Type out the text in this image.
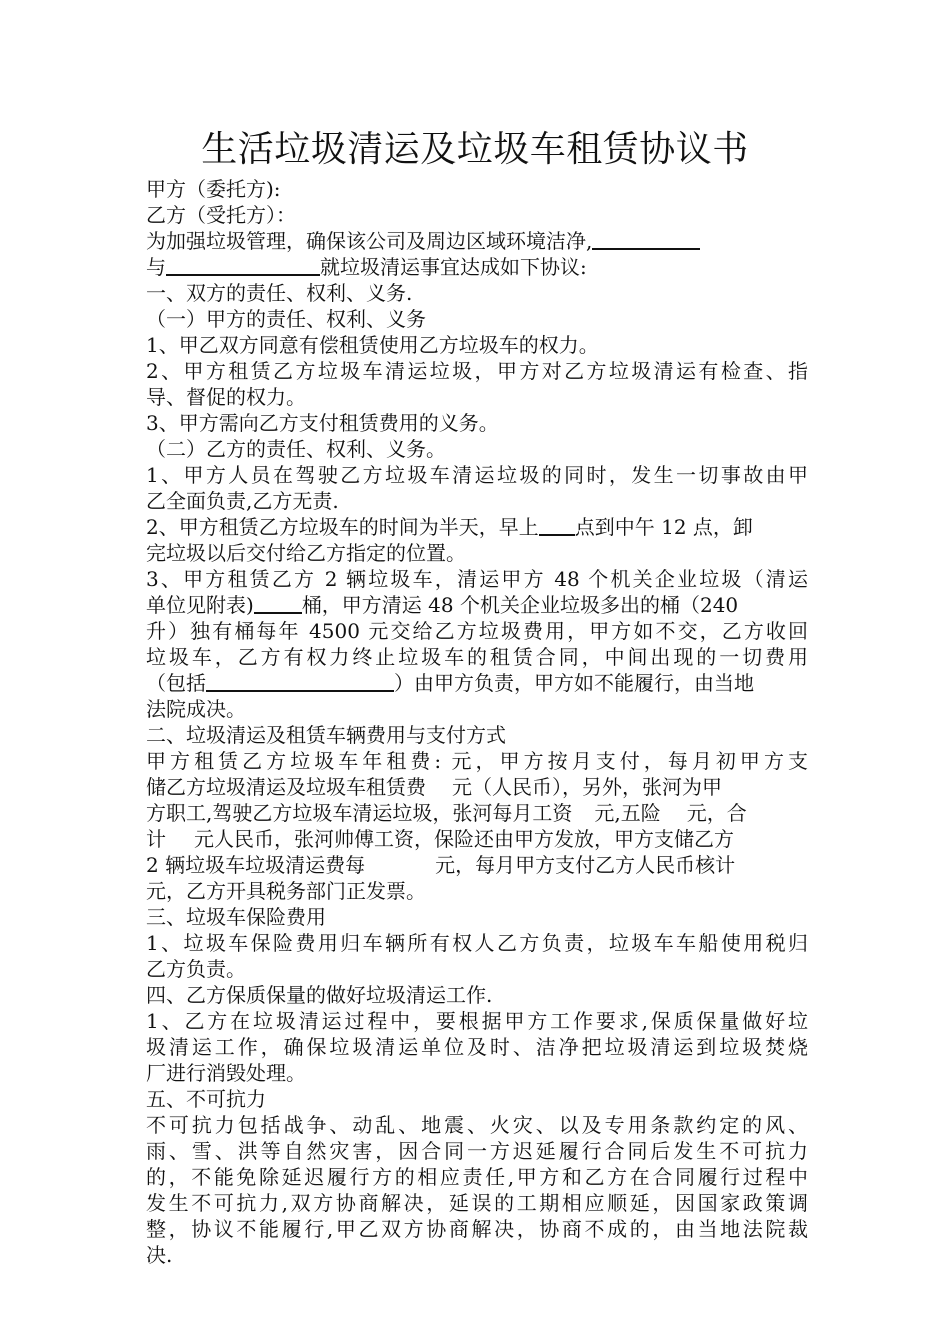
生活垃圾清运及垃圾车租赁协议书
甲方（委托方):
乙方（受托方）：
为加强垃圾管理，确保该公司及周边区域环境洁净,
与	就垃圾清运事宜达成如下协议:
一、双方的责任、权利、义务.
（一）甲方的责任、权利、义务
1、甲乙双方同意有偿租赁使用乙方垃圾车的权力。
2、甲方租赁乙方垃圾车清运垃圾，甲方对乙方垃圾清运有检查、指
导、督促的权力。
3、甲方需向乙方支付租赁费用的义务。
（二）乙方的责任、权利、义务。
1、甲方人员在驾驶乙方垃圾车清运垃圾的同时，发生一切事故由甲
乙全面负责,乙方无责.
2、甲方租赁乙方垃圾车的时间为半天，早上 点到中午 12 点，卸
完垃圾以后交付给乙方指定的位置。
3、甲方租赁乙方 2 辆垃圾车，清运甲方 48 个机关企业垃圾（清运
单位见附表) 桶，甲方清运 48 个机关企业垃圾多出的桶（240
升）独有桶每年 4500 元交给乙方垃圾费用，甲方如不交，乙方收回
垃圾车，乙方有权力终止垃圾车的租赁合同，中间出现的一切费用
（包括	）由甲方负责，甲方如不能履行，由当地
法院成决。
二、垃圾清运及租赁车辆费用与支付方式
甲方租赁乙方垃圾车年租费: 元，甲方按月支付，每月初甲方支
储乙方垃圾清运及垃圾车租赁费 元（人民币），另外，张河为甲
方职工,驾驶乙方垃圾车清运垃圾，张河每月工资 元,五险 元，合
计 元人民币，张河帅傅工资，保险还由甲方发放，甲方支储乙方
2 辆垃圾车垃圾清运费每	元，每月甲方支付乙方人民币核计
元，乙方开具税务部门正发票。
三、垃圾车保险费用
1、垃圾车保险费用归车辆所有权人乙方负责，垃圾车车船使用税归
乙方负责。
四、乙方保质保量的做好垃圾清运工作.
1、乙方在垃圾清运过程中，要根据甲方工作要求,保质保量做好垃
圾清运工作，确保垃圾清运单位及时、洁净把垃圾清运到垃圾焚烧
厂进行消毁处理。
五、不可抗力
不可抗力包括战争、动乱、地震、火灾、以及专用条款约定的风、
雨、雪、洪等自然灾害，因合同一方迟延履行合同后发生不可抗力
的，不能免除延迟履行方的相应责任,甲方和乙方在合同履行过程中
发生不可抗力,双方协商解决，延误的工期相应顺延，因国家政策调
整，协议不能履行,甲乙双方协商解决，协商不成的，由当地法院裁
决.
